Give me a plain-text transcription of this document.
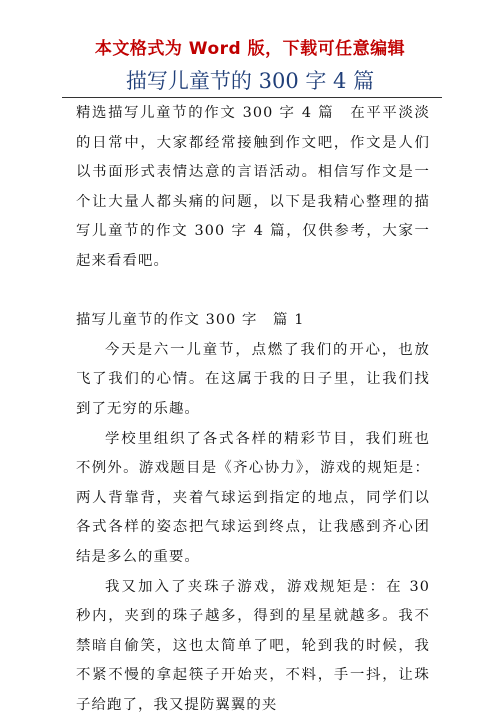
本文格式为 Word 版，下载可任意编辑
描写儿童节的 300 字 4 篇

精选描写儿童节的作文 300 字 4 篇　在平平淡淡的日常中，大家都经常接触到作文吧，作文是人们以书面形式表情达意的言语活动。相信写作文是一个让大量人都头痛的问题，以下是我精心整理的描写儿童节的作文 300 字 4 篇，仅供参考，大家一起来看看吧。

描写儿童节的作文 300 字　篇 1

今天是六一儿童节，点燃了我们的开心，也放飞了我们的心情。在这属于我的日子里，让我们找到了无穷的乐趣。

学校里组织了各式各样的精彩节目，我们班也不例外。游戏题目是《齐心协力》，游戏的规矩是：两人背靠背，夹着气球运到指定的地点，同学们以各式各样的姿态把气球运到终点，让我感到齐心团结是多么的重要。

我又加入了夹珠子游戏，游戏规矩是：在 30 秒内，夹到的珠子越多，得到的星星就越多。我不禁暗自偷笑，这也太简单了吧，轮到我的时候，我不紧不慢的拿起筷子开始夹，不料，手一抖，让珠子给跑了，我又提防翼翼的夹
